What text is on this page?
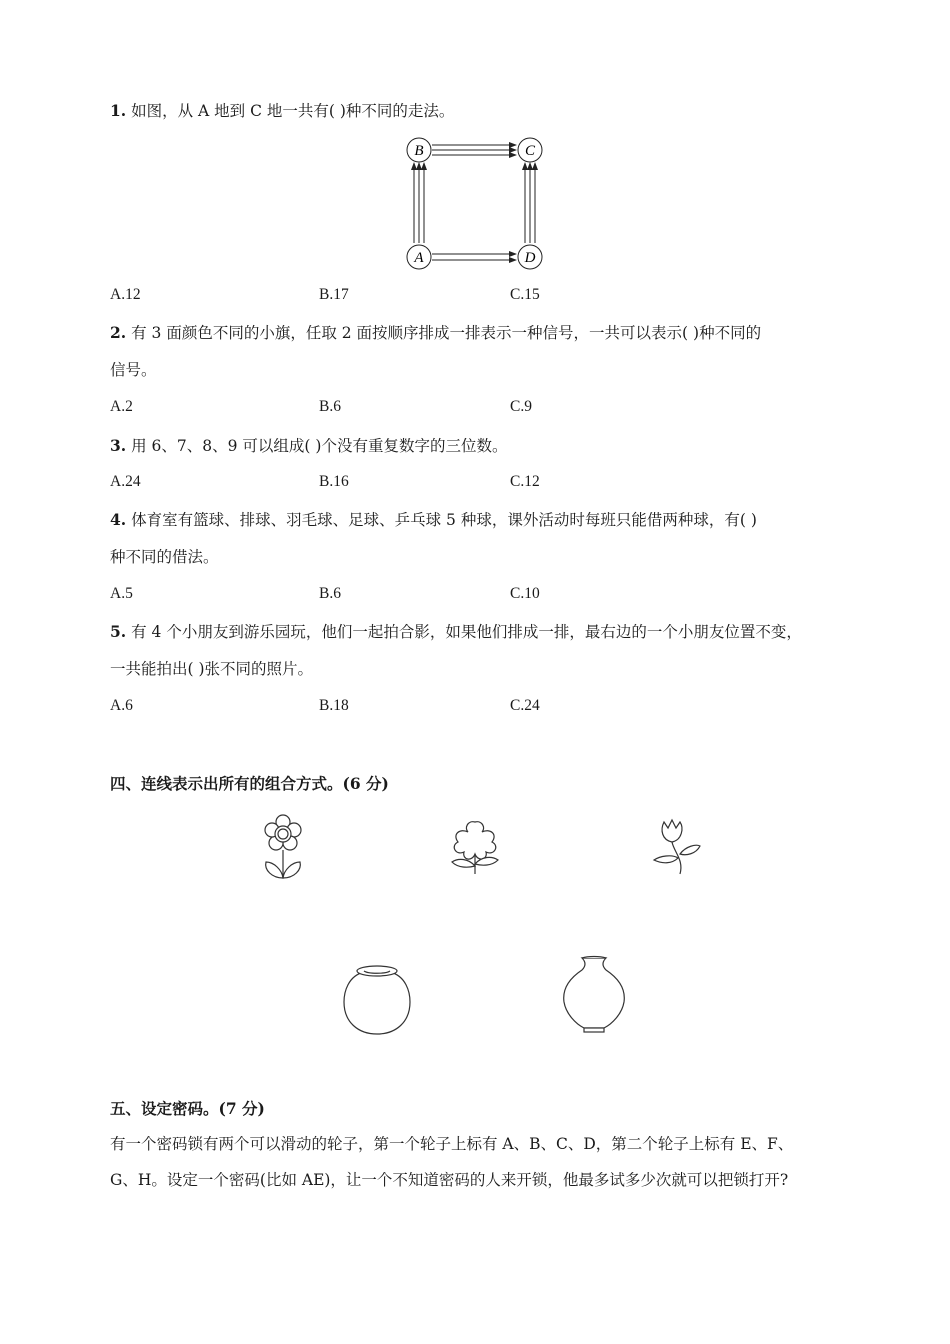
1. 如图，从 A 地到 C 地一共有( )种不同的走法。
B	C
A	D
A.12	B.17	C.15
2. 有 3 面颜色不同的小旗，任取 2 面按顺序排成一排表示一种信号，一共可以表示( )种不同的
信号。
A.2	B.6	C.9
3. 用 6、7、8、9 可以组成( )个没有重复数字的三位数。
A.24	B.16	C.12
4. 体育室有篮球、排球、羽毛球、足球、乒乓球 5 种球，课外活动时每班只能借两种球，有( )
种不同的借法。
A.5	B.6	C.10
5. 有 4 个小朋友到游乐园玩，他们一起拍合影，如果他们排成一排，最右边的一个小朋友位置不变，
一共能拍出( )张不同的照片。
A.6	B.18	C.24
四、连线表示出所有的组合方式。(6 分)
五、设定密码。(7 分)
有一个密码锁有两个可以滑动的轮子，第一个轮子上标有 A、B、C、D，第二个轮子上标有 E、F、
G、H。设定一个密码(比如 AE)，让一个不知道密码的人来开锁，他最多试多少次就可以把锁打开?
